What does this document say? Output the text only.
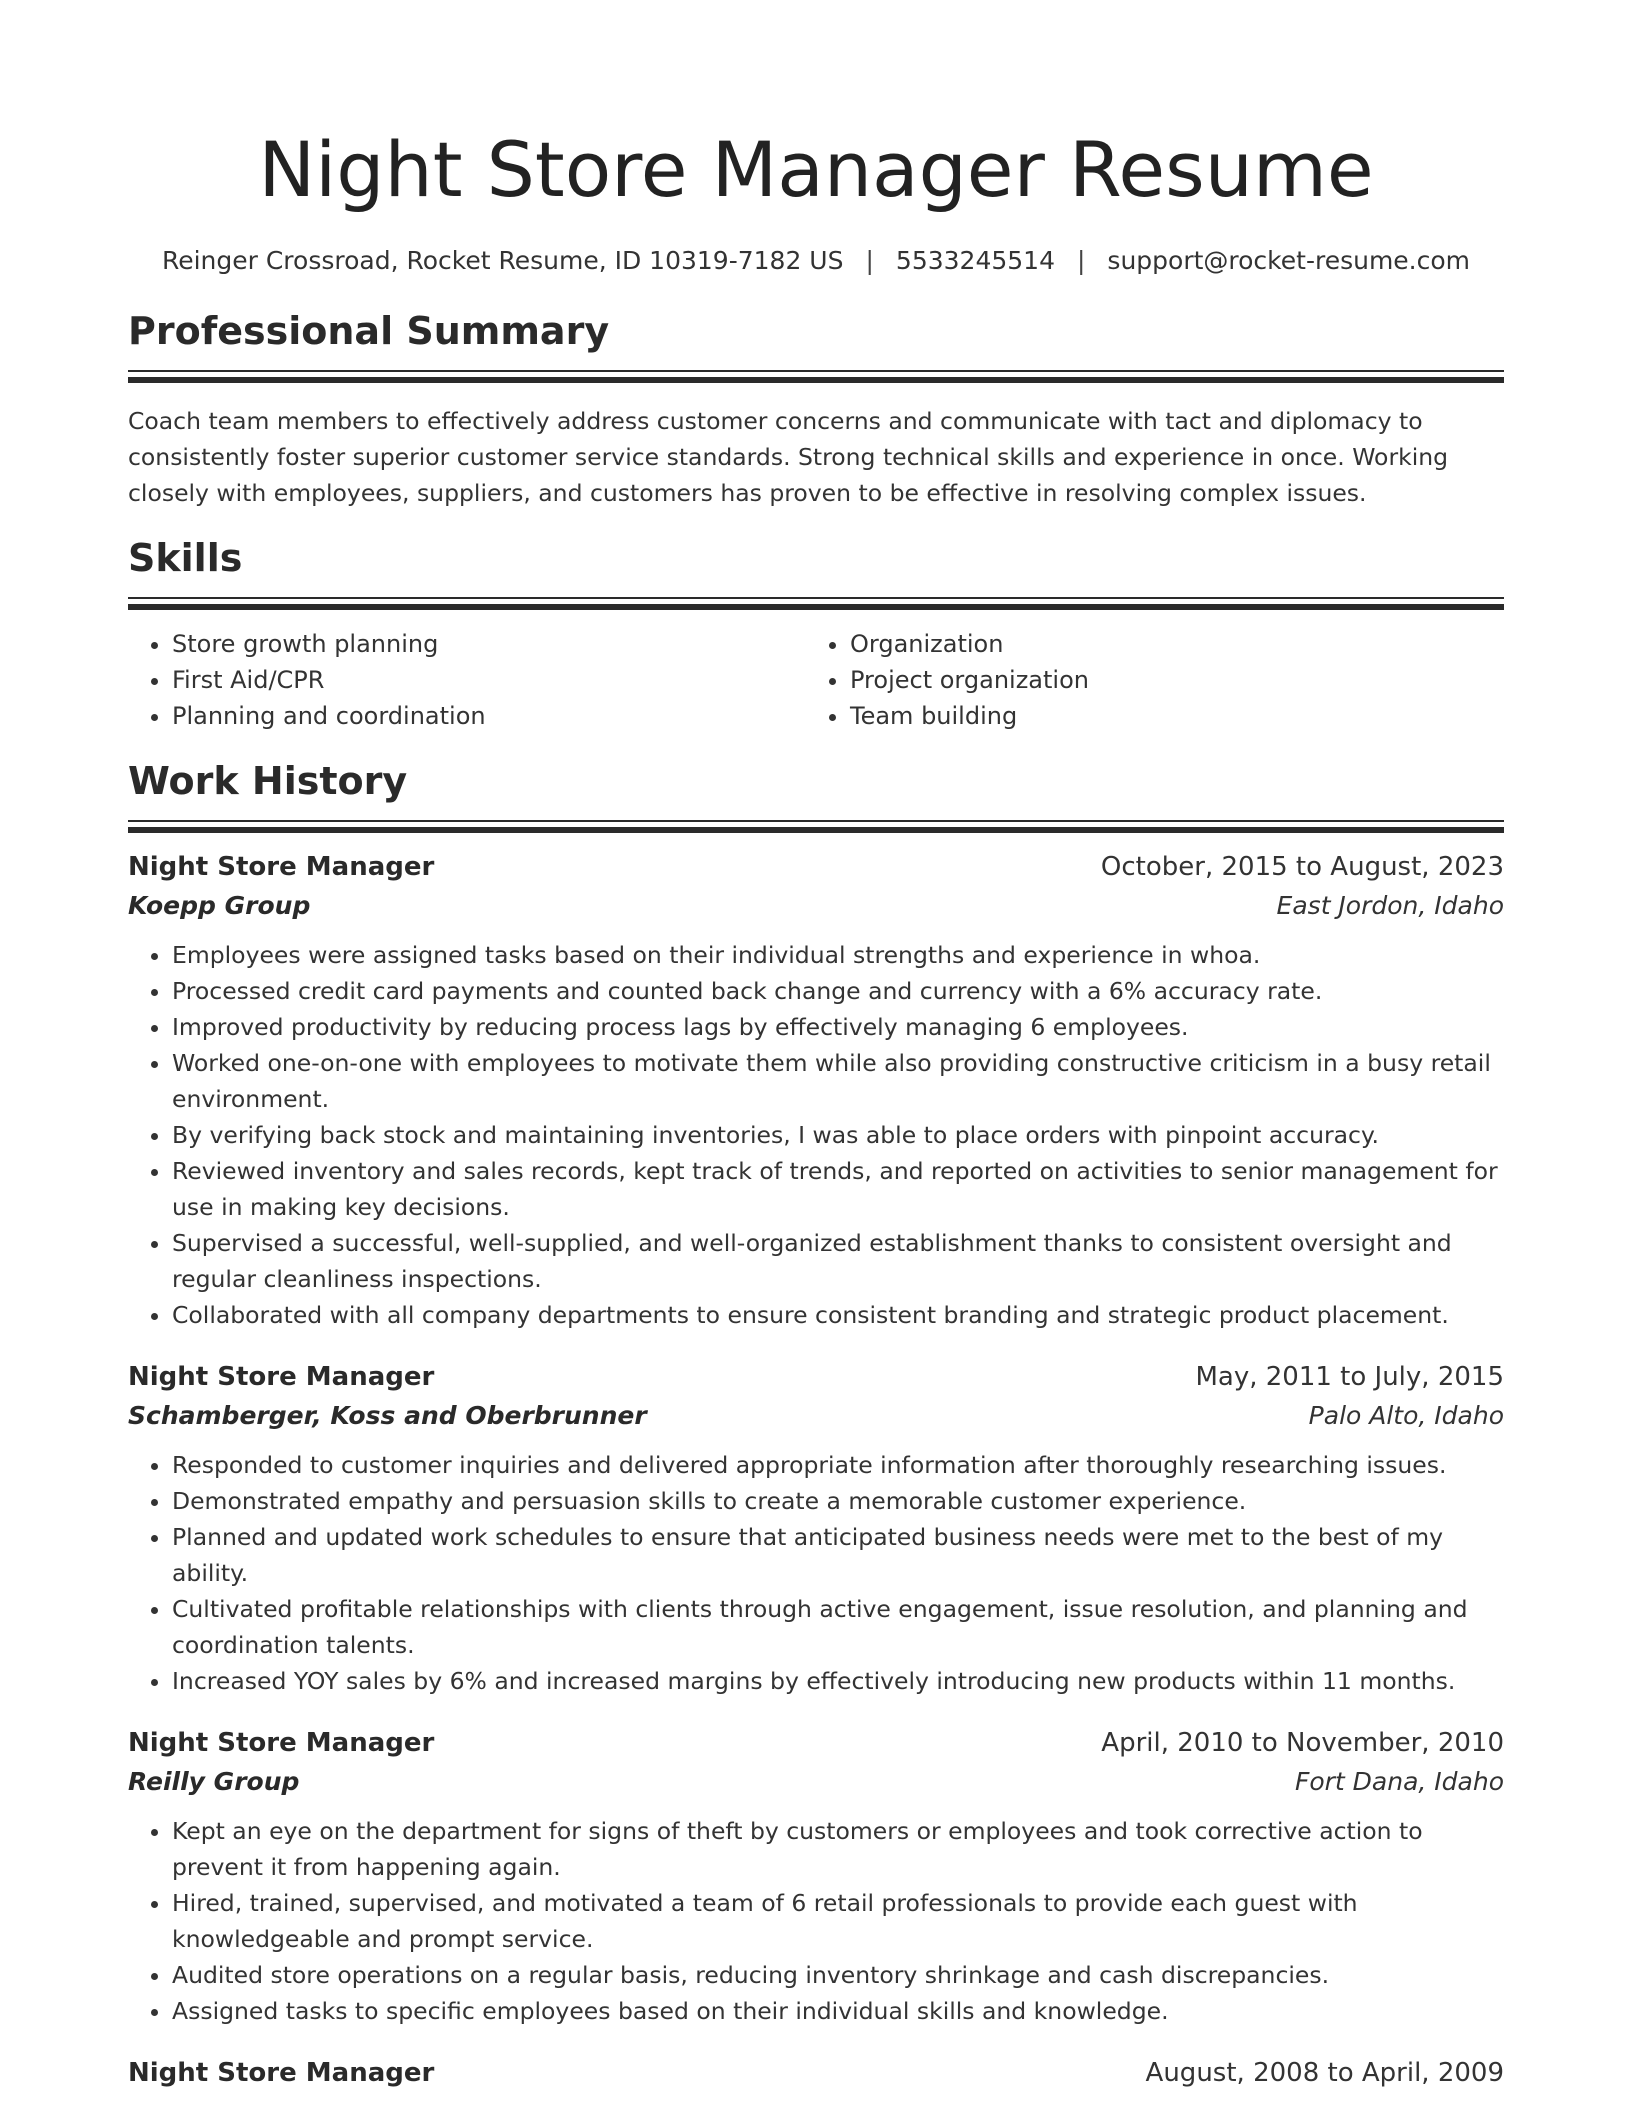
Night Store Manager Resume
Reinger Crossroad, Rocket Resume, ID 10319-7182 US | 5533245514 | support@rocket-resume.com
Professional Summary

Coach team members to effectively address customer concerns and communicate with tact and diplomacy to consistently foster superior customer service standards. Strong technical skills and experience in once. Working closely with employees, suppliers, and customers has proven to be effective in resolving complex issues.

Skills
• Store growth planning
• First Aid/CPR
• Planning and coordination
• Organization
• Project organization
• Team building
Work History
Night Store Manager	October, 2015 to August, 2023
Koepp Group	East Jordon, Idaho
• Employees were assigned tasks based on their individual strengths and experience in whoa.
• Processed credit card payments and counted back change and currency with a 6% accuracy rate.
• Improved productivity by reducing process lags by effectively managing 6 employees.
• Worked one-on-one with employees to motivate them while also providing constructive criticism in a busy retail environment.
• By verifying back stock and maintaining inventories, I was able to place orders with pinpoint accuracy.
• Reviewed inventory and sales records, kept track of trends, and reported on activities to senior management for use in making key decisions.
• Supervised a successful, well-supplied, and well-organized establishment thanks to consistent oversight and regular cleanliness inspections.
• Collaborated with all company departments to ensure consistent branding and strategic product placement.
Night Store Manager	May, 2011 to July, 2015
Schamberger, Koss and Oberbrunner	Palo Alto, Idaho
• Responded to customer inquiries and delivered appropriate information after thoroughly researching issues.
• Demonstrated empathy and persuasion skills to create a memorable customer experience.
• Planned and updated work schedules to ensure that anticipated business needs were met to the best of my ability.
• Cultivated profitable relationships with clients through active engagement, issue resolution, and planning and coordination talents.
• Increased YOY sales by 6% and increased margins by effectively introducing new products within 11 months.
Night Store Manager	April, 2010 to November, 2010
Reilly Group	Fort Dana, Idaho
• Kept an eye on the department for signs of theft by customers or employees and took corrective action to prevent it from happening again.
• Hired, trained, supervised, and motivated a team of 6 retail professionals to provide each guest with knowledgeable and prompt service.
• Audited store operations on a regular basis, reducing inventory shrinkage and cash discrepancies.
• Assigned tasks to specific employees based on their individual skills and knowledge.
Night Store Manager	August, 2008 to April, 2009
